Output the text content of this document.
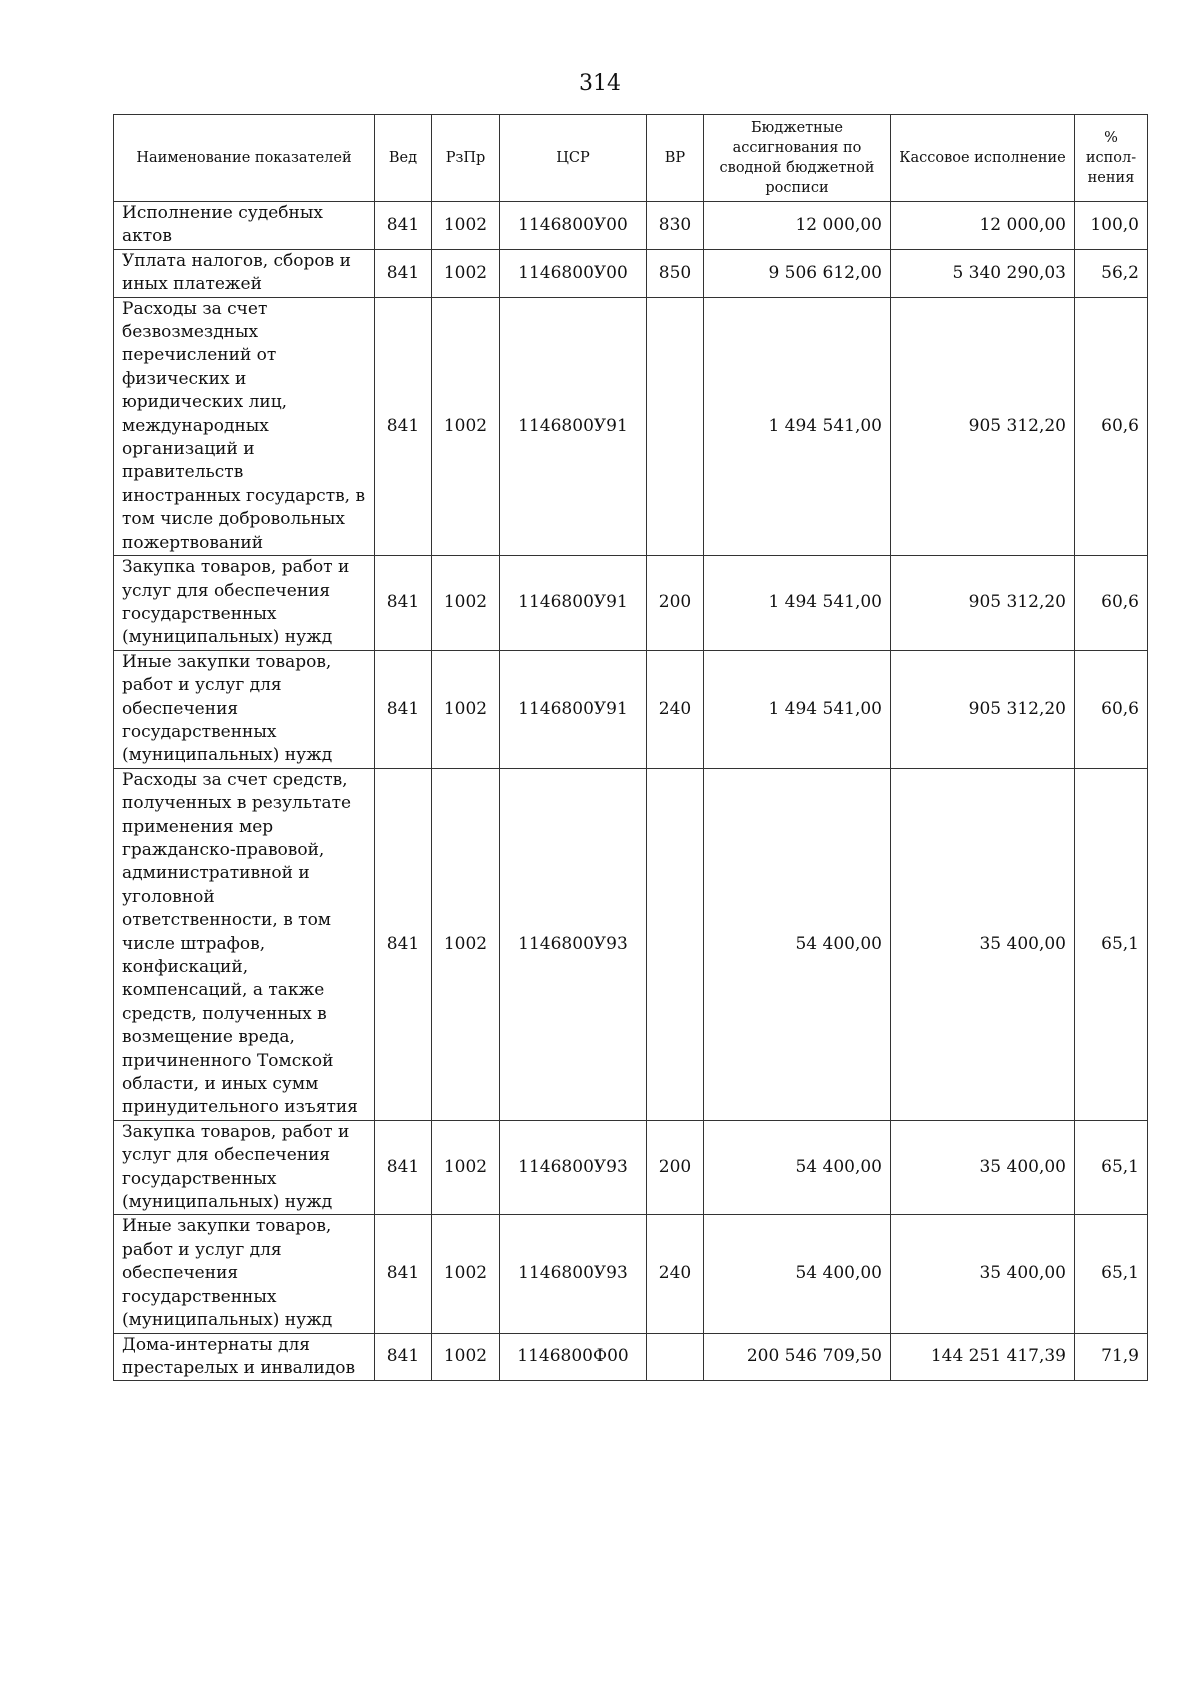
314
Наименование показателей	Вед	РзПр	ЦСР	ВР	Бюджетные ассигнования по сводной бюджетной росписи	Кассовое исполнение	% испол-нения
Исполнение судебных актов	841	1002	1146800У00	830	12 000,00	12 000,00	100,0
Уплата налогов, сборов и иных платежей	841	1002	1146800У00	850	9 506 612,00	5 340 290,03	56,2
Расходы за счет безвозмездных перечислений от физических и юридических лиц, международных организаций и правительств иностранных государств, в том числе добровольных пожертвований	841	1002	1146800У91		1 494 541,00	905 312,20	60,6
Закупка товаров, работ и услуг для обеспечения государственных (муниципальных) нужд	841	1002	1146800У91	200	1 494 541,00	905 312,20	60,6
Иные закупки товаров, работ и услуг для обеспечения государственных (муниципальных) нужд	841	1002	1146800У91	240	1 494 541,00	905 312,20	60,6
Расходы за счет средств, полученных в результате применения мер гражданско-правовой, административной и уголовной ответственности, в том числе штрафов, конфискаций, компенсаций, а также средств, полученных в возмещение вреда, причиненного Томской области, и иных сумм принудительного изъятия	841	1002	1146800У93		54 400,00	35 400,00	65,1
Закупка товаров, работ и услуг для обеспечения государственных (муниципальных) нужд	841	1002	1146800У93	200	54 400,00	35 400,00	65,1
Иные закупки товаров, работ и услуг для обеспечения государственных (муниципальных) нужд	841	1002	1146800У93	240	54 400,00	35 400,00	65,1
Дома-интернаты для престарелых и инвалидов	841	1002	1146800Ф00		200 546 709,50	144 251 417,39	71,9
